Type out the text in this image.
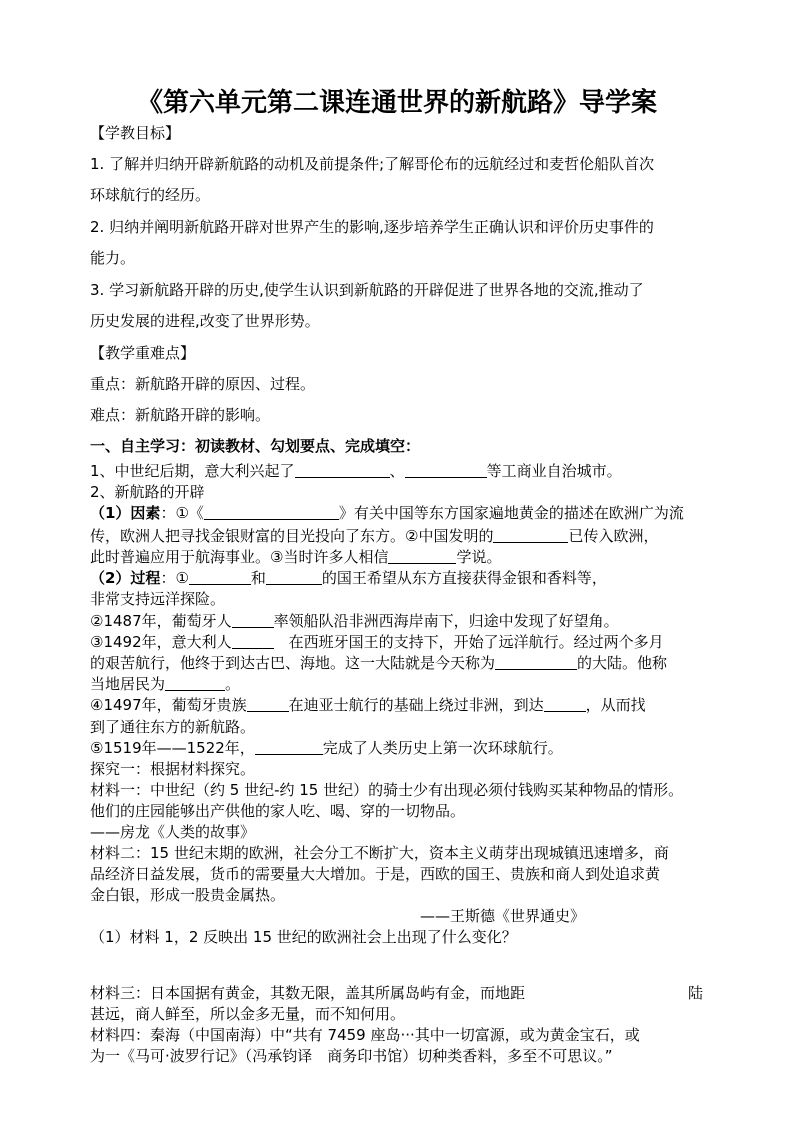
《第六单元第二课连通世界的新航路》导学案
【学教目标】
1. 了解并归纳开辟新航路的动机及前提条件;了解哥伦布的远航经过和麦哲伦船队首次
环球航行的经历。
2. 归纳并阐明新航路开辟对世界产生的影响,逐步培养学生正确认识和评价历史事件的
能力。
3. 学习新航路开辟的历史,使学生认识到新航路的开辟促进了世界各地的交流,推动了
历史发展的进程,改变了世界形势。
【教学重难点】
重点：新航路开辟的原因、过程。
难点：新航路开辟的影响。
一、自主学习：初读教材、勾划要点、完成填空：
1、中世纪后期，意大利兴起了	、	等工商业自治城市。
2、新航路的开辟
（1）因素：①《	》有关中国等东方国家遍地黄金的描述在欧洲广为流
传，欧洲人把寻找金银财富的目光投向了东方。②中国发明的	已传入欧洲，
此时普遍应用于航海事业。③当时许多人相信	学说。
（2）过程：①	和	的国王希望从东方直接获得金银和香料等，
非常支持远洋探险。
②1487年，葡萄牙人	率领船队沿非洲西海岸南下，归途中发现了好望角。
③1492年，意大利人	　在西班牙国王的支持下，开始了远洋航行。经过两个多月
的艰苦航行，他终于到达古巴、海地。这一大陆就是今天称为	的大陆。他称
当地居民为	。
④1497年，葡萄牙贵族	在迪亚士航行的基础上绕过非洲，到达	，从而找
到了通往东方的新航路。
⑤1519年——1522年，	完成了人类历史上第一次环球航行。
探究一：根据材料探究。
材料一：中世纪（约 5 世纪-约 15 世纪）的骑士少有出现必须付钱购买某种物品的情形。
他们的庄园能够出产供他的家人吃、喝、穿的一切物品。
——房龙《人类的故事》
材料二：15 世纪末期的欧洲，社会分工不断扩大，资本主义萌芽出现城镇迅速增多，商
品经济日益发展，货币的需要量大大增加。于是，西欧的国王、贵族和商人到处追求黄
金白银，形成一股贵金属热。
——王斯德《世界通史》
（1）材料 1，2 反映出 15 世纪的欧洲社会上出现了什么变化？
材料三：日本国据有黄金，其数无限，盖其所属岛屿有金，而地距	陆
甚远，商人鲜至，所以金多无量，而不知何用。
材料四：秦海（中国南海）中“共有 7459 座岛···其中一切富源，或为黄金宝石，或
为一《马可·波罗行记》（冯承钧译　商务印书馆）切种类香料，多至不可思议。”
